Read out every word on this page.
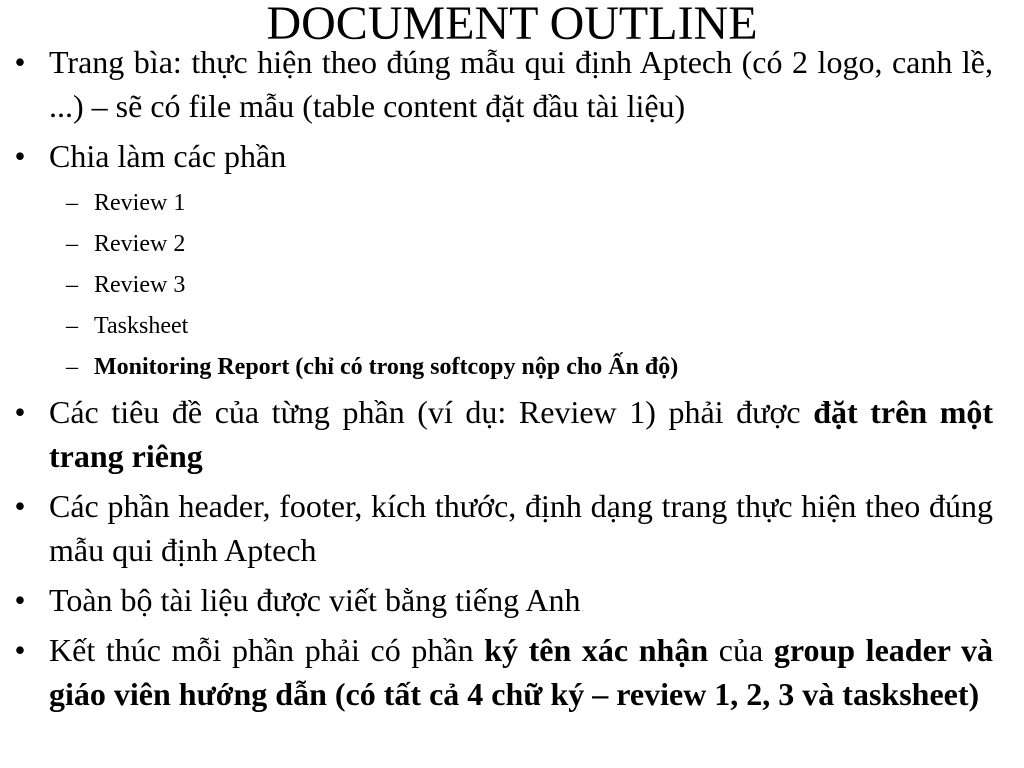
DOCUMENT OUTLINE
• Trang bìa: thực hiện theo đúng mẫu qui định Aptech (có 2 logo, canh lề, ...) – sẽ có file mẫu (table content đặt đầu tài liệu)
• Chia làm các phần
– Review 1
– Review 2
– Review 3
– Tasksheet
– Monitoring Report (chỉ có trong softcopy nộp cho Ấn độ)
• Các tiêu đề của từng phần (ví dụ: Review 1) phải được đặt trên một trang riêng
• Các phần header, footer, kích thước, định dạng trang thực hiện theo đúng mẫu qui định Aptech
• Toàn bộ tài liệu được viết bằng tiếng Anh
• Kết thúc mỗi phần phải có phần ký tên xác nhận của group leader và giáo viên hướng dẫn (có tất cả 4 chữ ký – review 1, 2, 3 và tasksheet)
